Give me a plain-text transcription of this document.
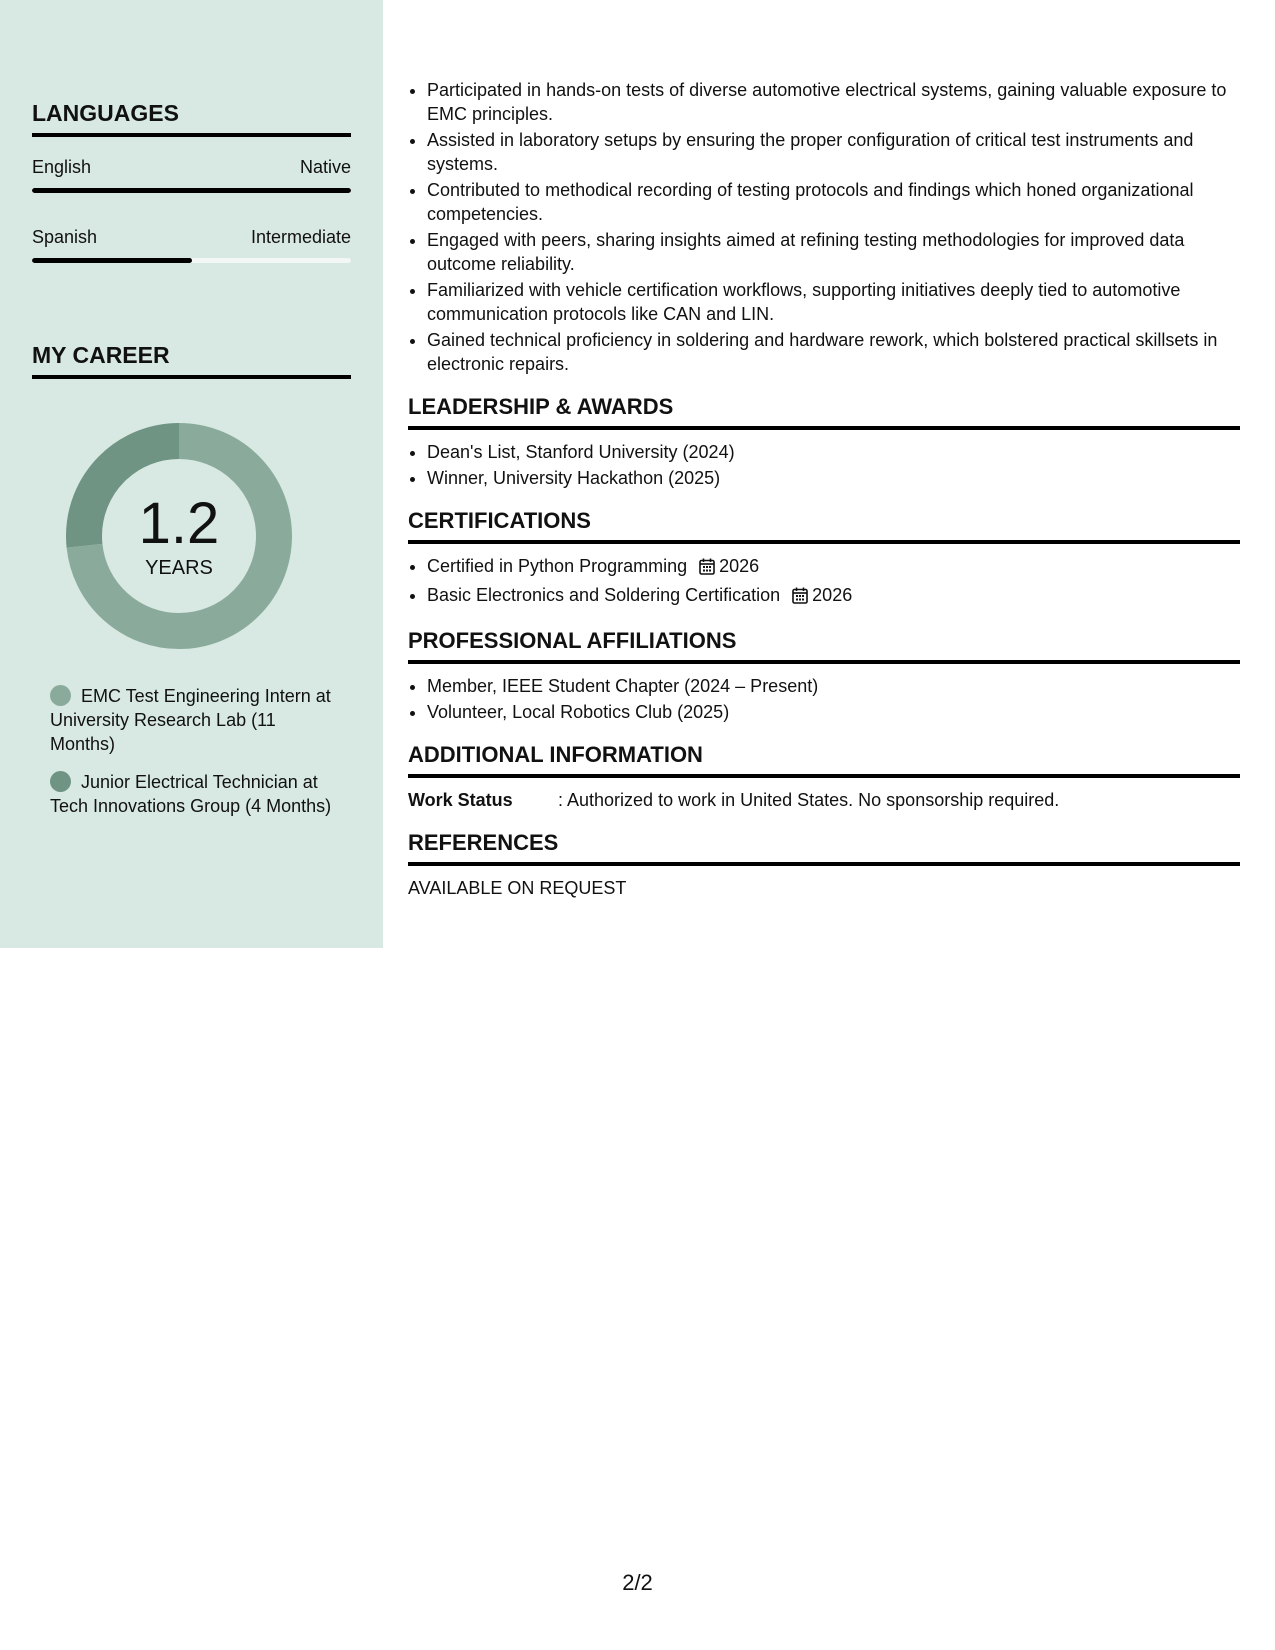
LANGUAGES
English	Native
Spanish	Intermediate
MY CAREER
1.2
YEARS
EMC Test Engineering Intern at University Research Lab (11 Months)
Junior Electrical Technician at Tech Innovations Group (4 Months)
• Participated in hands-on tests of diverse automotive electrical systems, gaining valuable exposure to EMC principles.
• Assisted in laboratory setups by ensuring the proper configuration of critical test instruments and systems.
• Contributed to methodical recording of testing protocols and findings which honed organizational competencies.
• Engaged with peers, sharing insights aimed at refining testing methodologies for improved data outcome reliability.
• Familiarized with vehicle certification workflows, supporting initiatives deeply tied to automotive communication protocols like CAN and LIN.
• Gained technical proficiency in soldering and hardware rework, which bolstered practical skillsets in electronic repairs.
LEADERSHIP & AWARDS
• Dean's List, Stanford University (2024)
• Winner, University Hackathon (2025)
CERTIFICATIONS
• Certified in Python Programming 2026
• Basic Electronics and Soldering Certification 2026
PROFESSIONAL AFFILIATIONS
• Member, IEEE Student Chapter (2024 – Present)
• Volunteer, Local Robotics Club (2025)
ADDITIONAL INFORMATION
Work Status	: Authorized to work in United States. No sponsorship required.
REFERENCES
AVAILABLE ON REQUEST
2/2
